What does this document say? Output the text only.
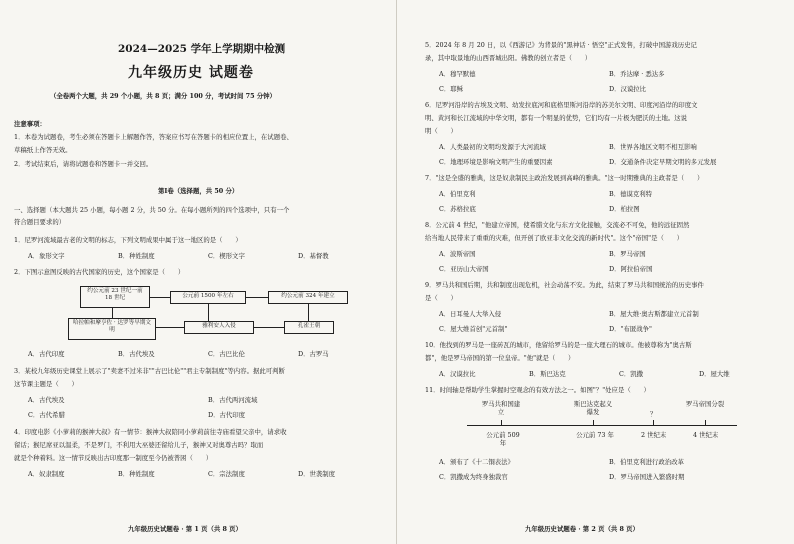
2024—2025 学年上学期期中检测
九年级历史 试题卷
（全卷两个大题，共 29 个小题，共 8 页；满分 100 分，考试时间 75 分钟）
注意事项：
1．本卷为试题卷，考生必须在答题卡上解题作答，答案应书写在答题卡的相应位置上，在试题卷、
草稿纸上作答无效。
2．考试结束后，请将试题卷和答题卡一并交回。
第Ⅰ卷（选择题，共 50 分）
一、选择题（本大题共 25 小题，每小题 2 分，共 50 分。在每小题所列的四个选项中，只有一个
符合题目要求的）
1．尼罗河流域最古老的文明的标志，下列文明成果中属于这一地区的是（　　）
A．象形文字	B．种姓制度	C．楔形文字	D．基督教
2．下图示意图反映的古代国家的历史，这个国家是（　　）
约公元前 23 世纪一前 18 世纪	公元前 1500 年左右	约公元前 324 年建立
哈拉帕和摩亨佐 · 达罗等早期文明
雅利安人入侵	孔雀王朝
A．古代印度	B．古代埃及	C．古巴比伦	D．古罗马
3．某校九年级历史课堂上展示了"卖妻不过米非""古巴比伦""君主专制制度"等内容。据此可判断
这节课主题是（　　）
A．古代埃及	B．古代两河流域
C．古代希腊	D．古代印度
4．印度电影《小萝莉的猴神大叔》有一情节：猴神大叔陪同小萝莉前往寺庙看望父亲中，请求收
留话；猴尼席亚以温柔，不是罗门，不利用大巫婆还留给儿子，猴神又对奥尊古吗？取而
就是个种着料。这一情节反映出古印度那一制度至今仍被普困（　　）
A．奴隶制度	B．种姓制度	C．宗法制度	D．世袭制度
九年级历史试题卷 · 第 1 页（共 8 页）
5．2024 年 8 月 20 日，以《西游记》为背景的"黑神话 · 悟空"正式发售，打破中国游戏历史记
录，其中取景地的山西晋城出阳。佛教的创立者是（　　）
A．穆罕默德	B．乔达摩 · 悉达多
C．耶稣	D．汉谟拉比
6．尼罗河沿岸的古埃及文明、幼发拉底河和底格里斯河沿岸的苏美尔文明、印度河沿岸的印度文
明、黄河和长江流域的中华文明，都有一个明显的优势，它们均有一片极为肥沃的土地。这说
明（　　）
A．人类最初的文明均发源于大河流域	B．世界各地区文明不相互影响
C．地理环境是影响文明产生的重要因素	D．交通条件决定早期文明的多元发展
7．"这是全盛的雅典，这是奴隶制民主政治发展到高峰的雅典。"这一时期雅典的主政者是（　　）
A．伯里克利	B．德谟克利特
C．苏格拉底	D．柏拉图
8．公元前 4 世纪，"他建立帝国，使希腊文化与东方文化接触，交流必不可免，他的远征固然
给当地人民带来了重重的灾难，但开创了欧亚非文化交流的新时代"。这个"帝国"是（　　）
A．波斯帝国	B．罗马帝国
C．亚历山大帝国	D．阿拉伯帝国
9．罗马共和国后期，共和制度出现危机，社会动荡不安。为此，结束了罗马共和国统治的历史事件
是（　　）
A．日耳曼人大举入侵	B．屋大维·奥古斯都建立元首制
C．屋大维首创"元首制"	D．"布匿战争"
10．他找到的罗马是一座砖瓦的城市，他留给罗马的是一座大理石的城市。他被尊称为"奥古斯
都"，他是罗马帝国的第一位皇帝。"他"就是（　　）
A．汉谟拉比	B．斯巴达克	C．凯撒	D．屋大维
11．时间轴是帮助学生掌握时空观念的有效方法之一。如图"？"处应是（　　）
罗马共和国建立
斯巴达克起义爆发	？
罗马帝国分裂
公元前 509 年
公元前 73 年	2 世纪末	4 世纪末
A．颁布了《十二铜表法》	B．伯里克利进行政治改革
C．凯撒成为终身独裁官	D．罗马帝国进入繁盛时期
九年级历史试题卷 · 第 2 页（共 8 页）
